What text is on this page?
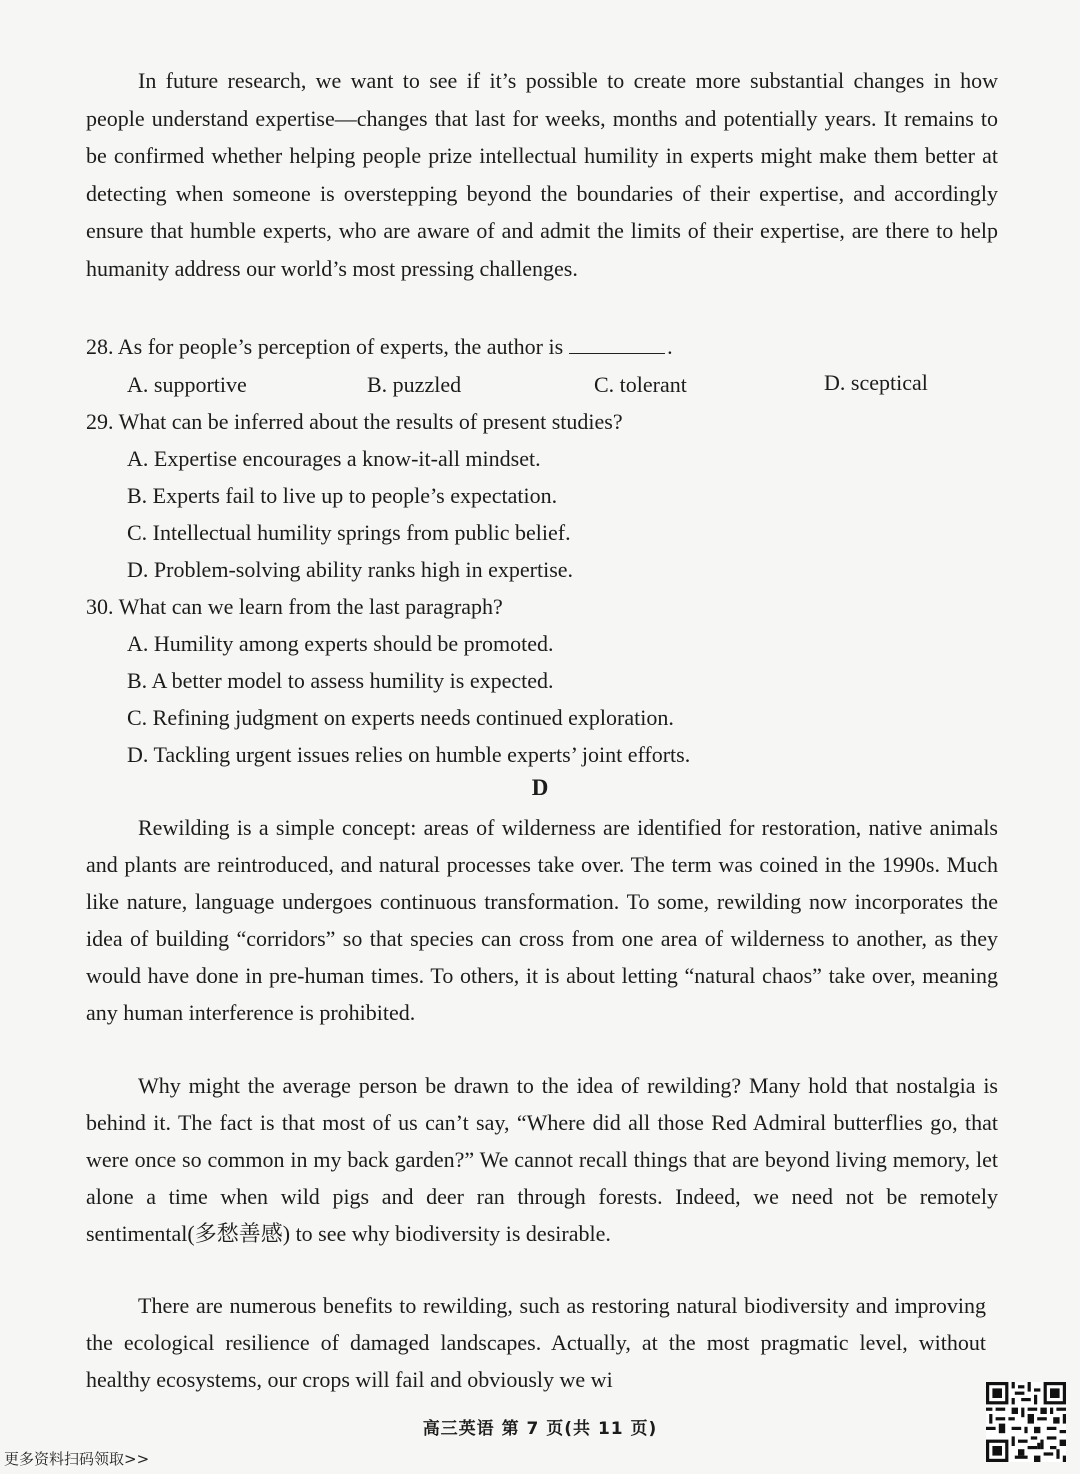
In future research, we want to see if it’s possible to create more substantial changes in how people understand expertise—changes that last for weeks, months and potentially years. It remains to be confirmed whether helping people prize intellectual humility in experts might make them better at detecting when someone is overstepping beyond the boundaries of their expertise, and accordingly ensure that humble experts, who are aware of and admit the limits of their expertise, are there to help humanity address our world’s most pressing challenges.

28. As for people’s perception of experts, the author is	.

A. supportive	B. puzzled	C. tolerant	D. sceptical

29. What can be inferred about the results of present studies?

A. Expertise encourages a know-it-all mindset.
B. Experts fail to live up to people’s expectation.
C. Intellectual humility springs from public belief.
D. Problem-solving ability ranks high in expertise.

30. What can we learn from the last paragraph?

A. Humility among experts should be promoted.
B. A better model to assess humility is expected.
C. Refining judgment on experts needs continued exploration.
D. Tackling urgent issues relies on humble experts’ joint efforts.
D

Rewilding is a simple concept: areas of wilderness are identified for restoration, native animals and plants are reintroduced, and natural processes take over. The term was coined in the 1990s. Much like nature, language undergoes continuous transformation. To some, rewilding now incorporates the idea of building “corridors” so that species can cross from one area of wilderness to another, as they would have done in pre-human times. To others, it is about letting “natural chaos” take over, meaning any human interference is prohibited.

Why might the average person be drawn to the idea of rewilding? Many hold that nostalgia is behind it. The fact is that most of us can’t say, “Where did all those Red Admiral butterflies go, that were once so common in my back garden?” We cannot recall things that are beyond living memory, let alone a time when wild pigs and deer ran through forests. Indeed, we need not be remotely sentimental(多愁善感) to see why biodiversity is desirable.

There are numerous benefits to rewilding, such as restoring natural biodiversity and improving the ecological resilience of damaged landscapes. Actually, at the most pragmatic level, without healthy ecosystems, our crops will fail and obviously we wi

高三英语 第 7 页(共 11 页)
更多资料扫码领取>>
